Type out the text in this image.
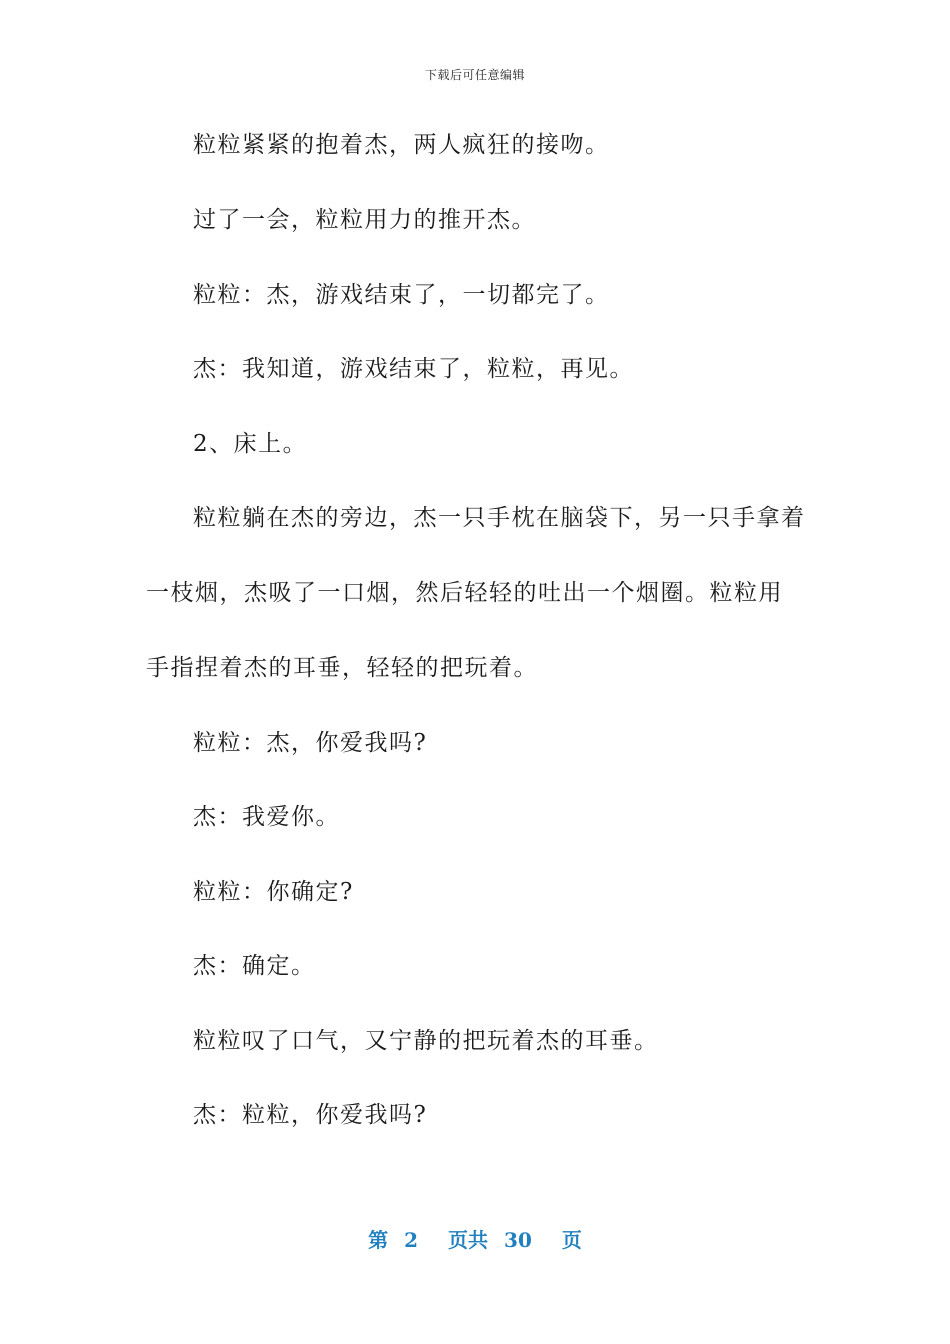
下载后可任意编辑

粒粒紧紧的抱着杰，两人疯狂的接吻。

过了一会，粒粒用力的推开杰。

粒粒：杰，游戏结束了，一切都完了。

杰：我知道，游戏结束了，粒粒，再见。

2、床上。

粒粒躺在杰的旁边，杰一只手枕在脑袋下，另一只手拿着一枝烟，杰吸了一口烟，然后轻轻的吐出一个烟圈。粒粒用手指捏着杰的耳垂，轻轻的把玩着。

粒粒：杰，你爱我吗?

杰：我爱你。

粒粒：你确定?

杰：确定。

粒粒叹了口气，又宁静的把玩着杰的耳垂。

杰：粒粒，你爱我吗?

第 2 页共 30 页
